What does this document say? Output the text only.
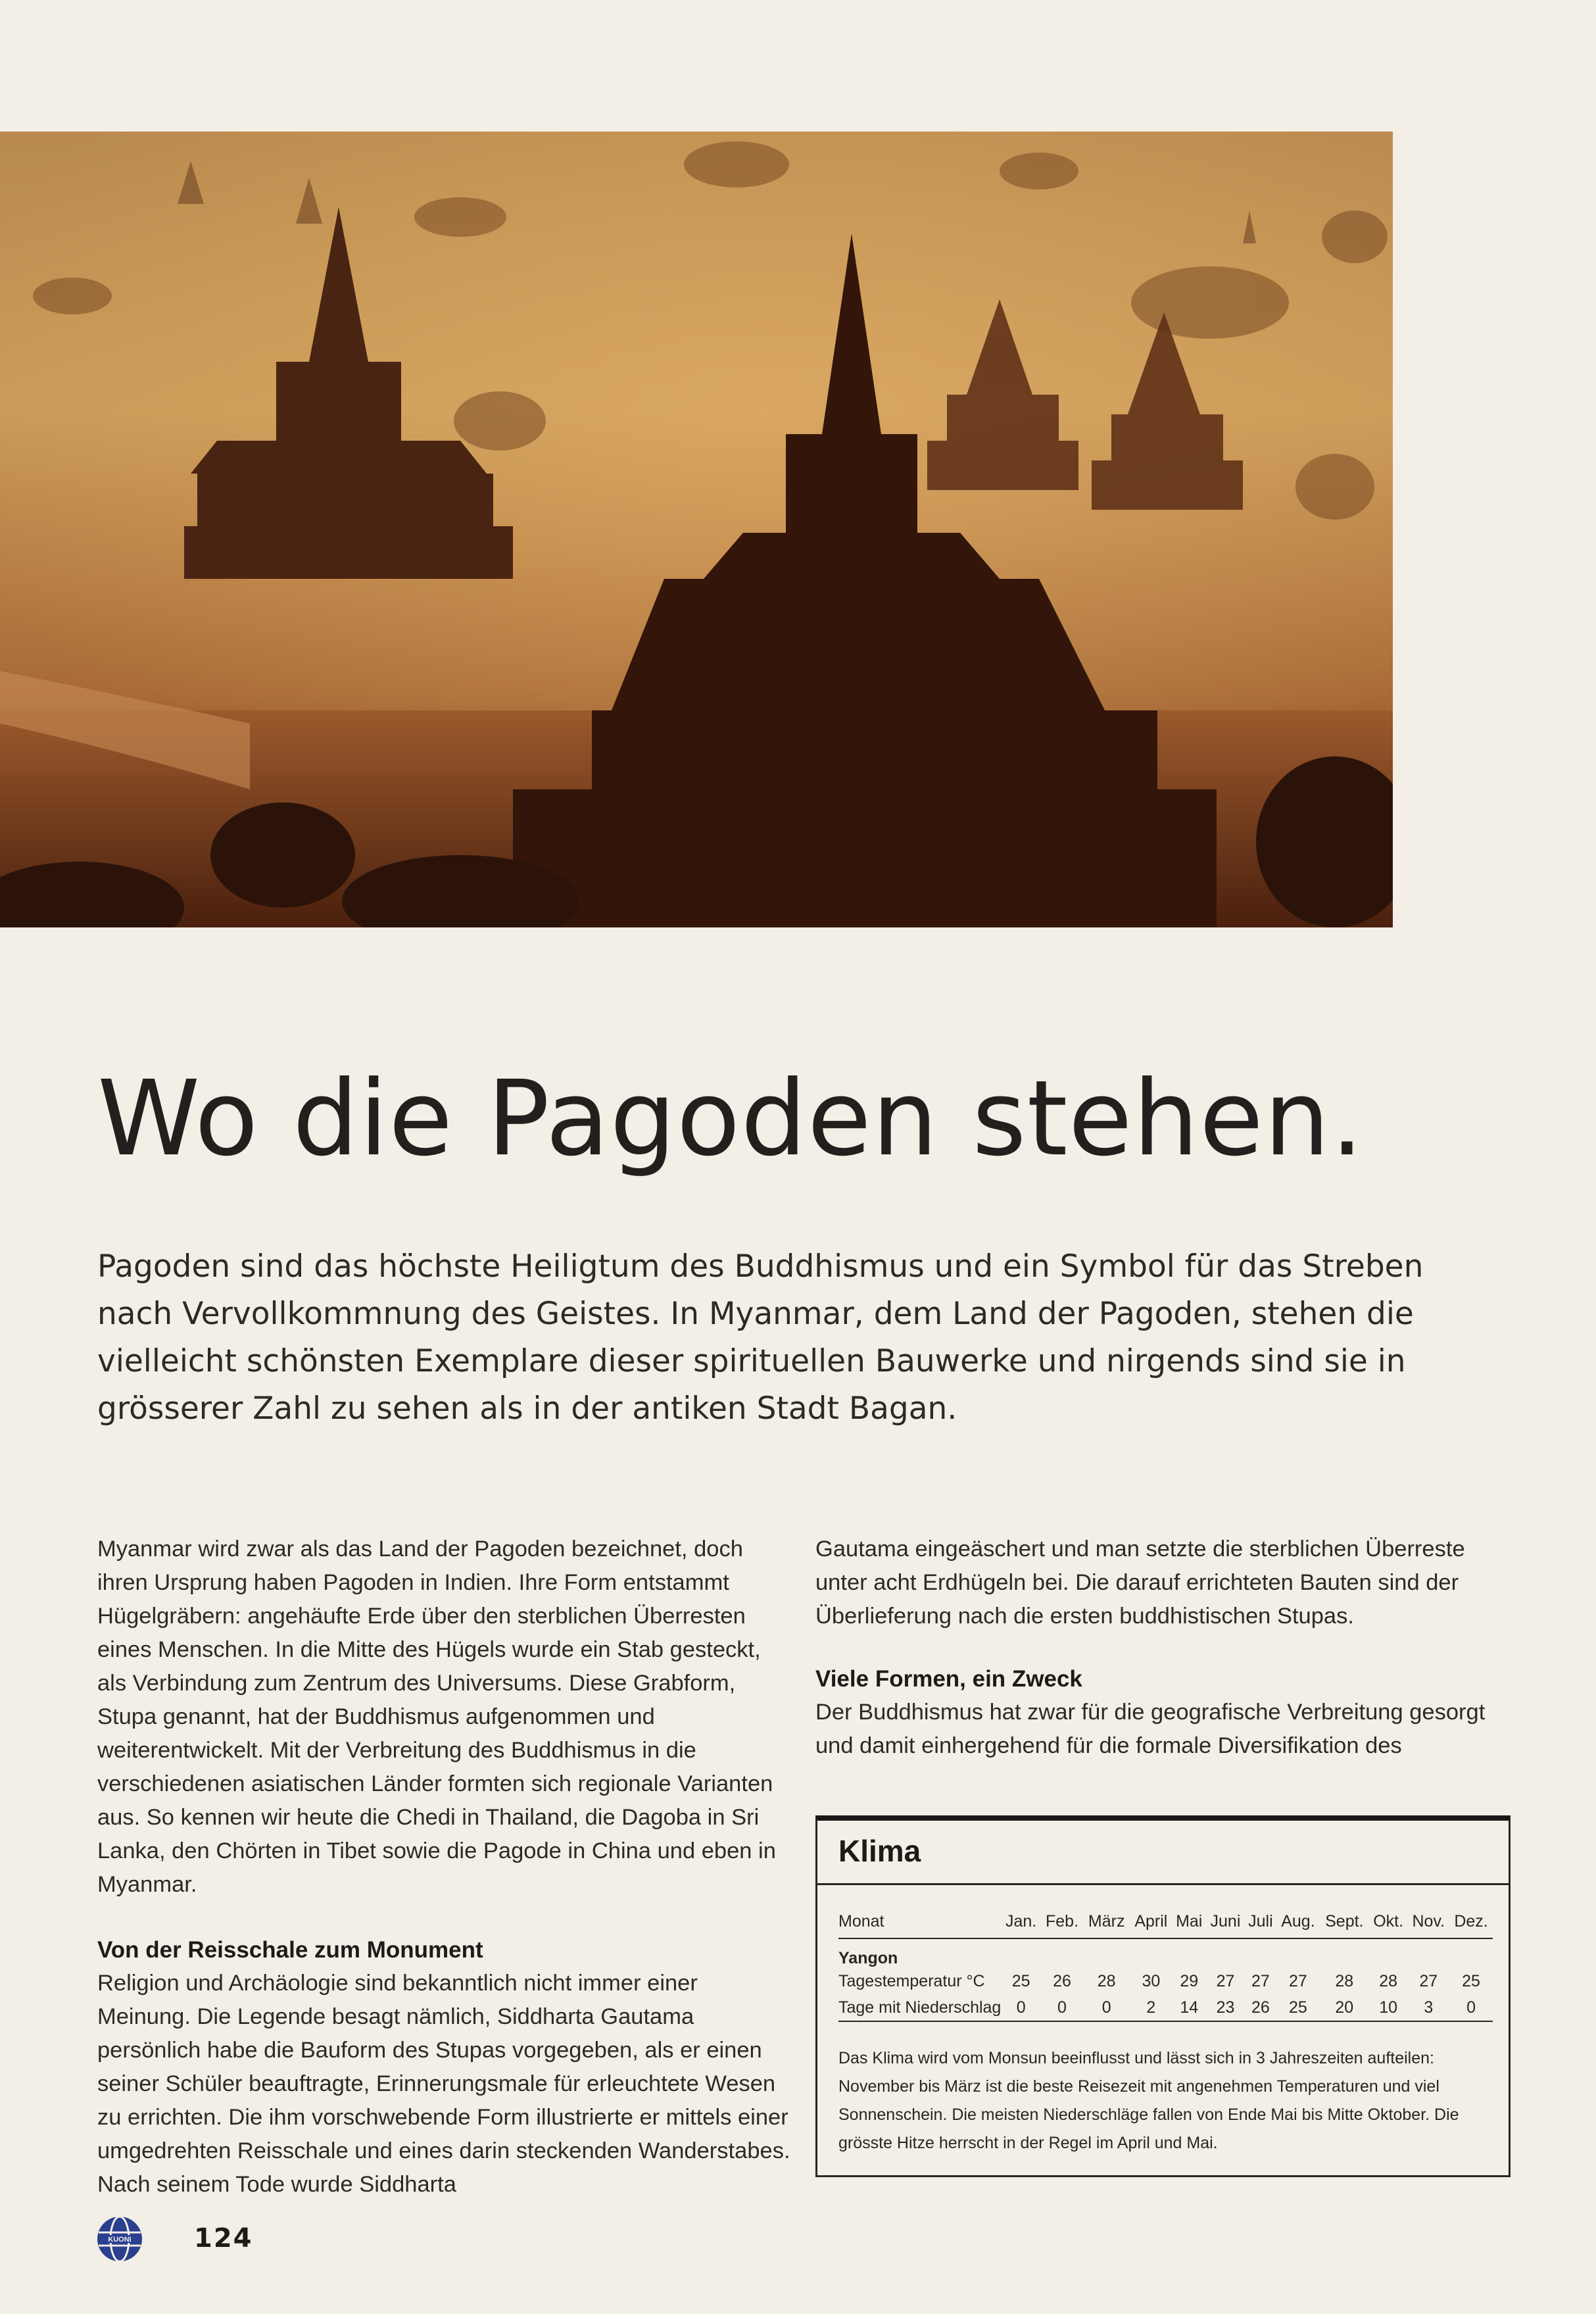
Wo die Pagoden stehen.

Pagoden sind das höchste Heiligtum des Buddhismus und ein Symbol für das Streben nach Vervollkommnung des Geistes. In Myanmar, dem Land der Pagoden, stehen die vielleicht schönsten Exemplare dieser spirituellen Bauwerke und nirgends sind sie in grösserer Zahl zu sehen als in der antiken Stadt Bagan.

Myanmar wird zwar als das Land der Pagoden bezeichnet, doch ihren Ursprung haben Pagoden in Indien. Ihre Form entstammt Hügelgräbern: angehäufte Erde über den sterblichen Überresten eines Menschen. In die Mitte des Hügels wurde ein Stab gesteckt, als Verbindung zum Zentrum des Universums. Diese Grabform, Stupa genannt, hat der Buddhismus aufgenommen und weiterentwickelt. Mit der Verbreitung des Buddhismus in die verschiedenen asiatischen Länder formten sich regionale Varianten aus. So kennen wir heute die Chedi in Thailand, die Dagoba in Sri Lanka, den Chörten in Tibet sowie die Pagode in China und eben in Myanmar.

Von der Reisschale zum Monument

Religion und Archäologie sind bekanntlich nicht immer einer Meinung. Die Legende besagt nämlich, Siddharta Gautama persönlich habe die Bauform des Stupas vorgegeben, als er einen seiner Schüler beauftragte, Erinnerungsmale für erleuchtete Wesen zu errichten. Die ihm vorschwebende Form illustrierte er mittels einer umgedrehten Reisschale und eines darin steckenden Wanderstabes. Nach seinem Tode wurde Siddharta

Gautama eingeäschert und man setzte die sterblichen Überreste unter acht Erdhügeln bei. Die darauf errichteten Bauten sind der Überlieferung nach die ersten buddhistischen Stupas.

Viele Formen, ein Zweck

Der Buddhismus hat zwar für die geografische Verbreitung gesorgt und damit einhergehend für die formale Diversifikation des

Klima
Monat	Jan.	Feb.	März	April	Mai	Juni	Juli	Aug.	Sept.	Okt.	Nov.	Dez.
Yangon												
Tagestemperatur °C	25	26	28	30	29	27	27	27	28	28	27	25
Tage mit Niederschlag	0	0	0	2	14	23	26	25	20	10	3	0
Das Klima wird vom Monsun beeinflusst und lässt sich in 3 Jahreszeiten aufteilen: November bis März ist die beste Reisezeit mit angenehmen Temperaturen und viel Sonnenschein. Die meisten Niederschläge fallen von Ende Mai bis Mitte Oktober. Die grösste Hitze herrscht in der Regel im April und Mai.
KUONI 124
